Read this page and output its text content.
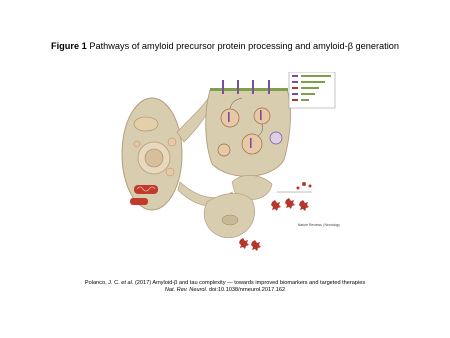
Figure 1 Pathways of amyloid precursor protein processing and amyloid-β generation
Nature Reviews | Neurology
Polanco, J. C. et al. (2017) Amyloid-β and tau complexity — towards improved biomarkers and targeted therapies
Nat. Rev. Neurol. doi:10.1038/nrneurol.2017.162
